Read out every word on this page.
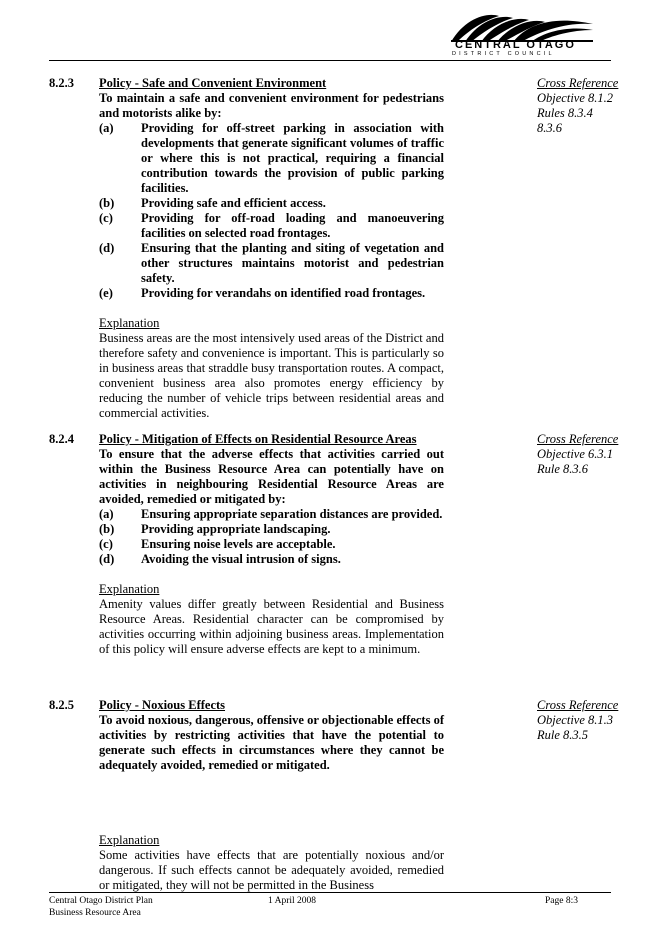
CENTRAL OTAGO
DISTRICT COUNCIL
8.2.3 Policy - Safe and Convenient Environment
To maintain a safe and convenient environment for pedestrians and motorists alike by:
(a) Providing for off-street parking in association with developments that generate significant volumes of traffic or where this is not practical, requiring a financial contribution towards the provision of public parking facilities.
(b) Providing safe and efficient access.
(c) Providing for off-road loading and manoeuvering facilities on selected road frontages.
(d) Ensuring that the planting and siting of vegetation and other structures maintains motorist and pedestrian safety.
(e) Providing for verandahs on identified road frontages.
Explanation
Business areas are the most intensively used areas of the District and therefore safety and convenience is important. This is particularly so in business areas that straddle busy transportation routes. A compact, convenient business area also promotes energy efficiency by reducing the number of vehicle trips between residential areas and commercial activities.
Cross Reference
Objective 8.1.2
Rules 8.3.4
8.3.6
8.2.4 Policy - Mitigation of Effects on Residential Resource Areas
To ensure that the adverse effects that activities carried out within the Business Resource Area can potentially have on activities in neighbouring Residential Resource Areas are avoided, remedied or mitigated by:
(a) Ensuring appropriate separation distances are provided.
(b) Providing appropriate landscaping.
(c) Ensuring noise levels are acceptable.
(d) Avoiding the visual intrusion of signs.
Explanation
Amenity values differ greatly between Residential and Business Resource Areas. Residential character can be compromised by activities occurring within adjoining business areas. Implementation of this policy will ensure adverse effects are kept to a minimum.
Cross Reference
Objective 6.3.1
Rule 8.3.6
8.2.5 Policy - Noxious Effects
To avoid noxious, dangerous, offensive or objectionable effects of activities by restricting activities that have the potential to generate such effects in circumstances where they cannot be adequately avoided, remedied or mitigated.
Explanation
Some activities have effects that are potentially noxious and/or dangerous. If such effects cannot be adequately avoided, remedied or mitigated, they will not be permitted in the Business
Cross Reference
Objective 8.1.3
Rule 8.3.5
Central Otago District Plan
Business Resource Area
1 April 2008	Page 8:3
